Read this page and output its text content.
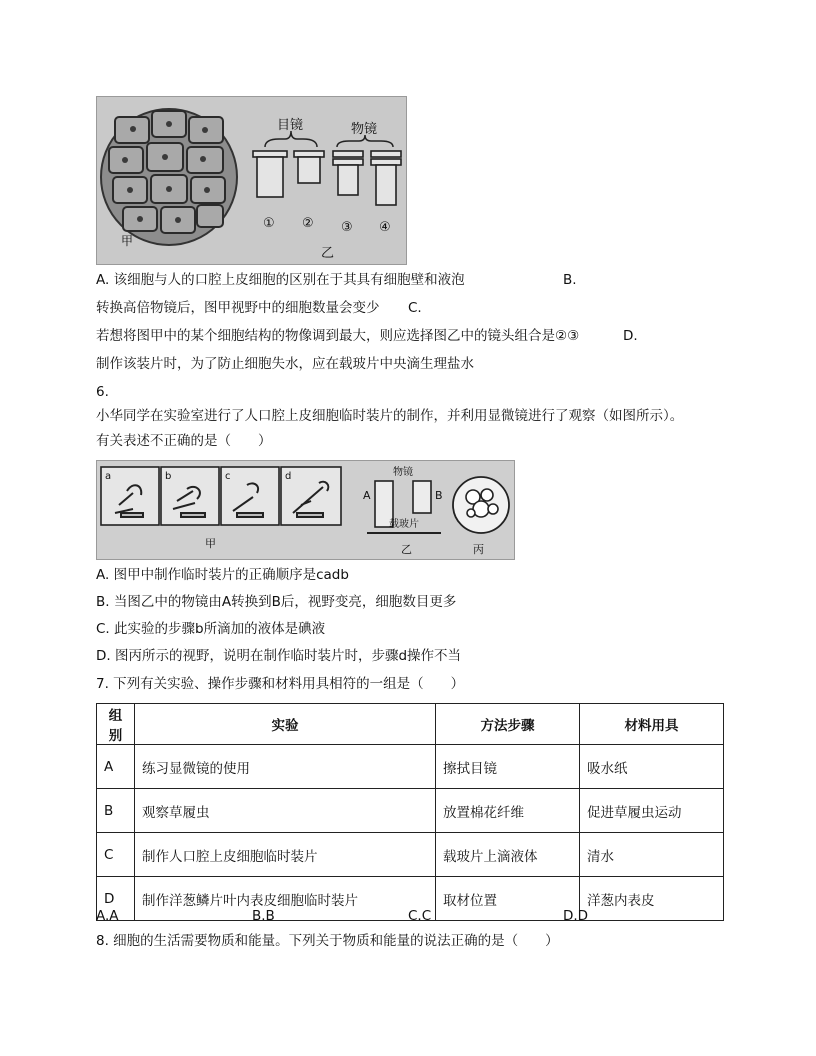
甲
目镜	物镜
① ② ③ ④
乙
A. 该细胞与人的口腔上皮细胞的区别在于其具有细胞壁和液泡	B.
转换高倍物镜后，图甲视野中的细胞数量会变少 C.
若想将图甲中的某个细胞结构的物像调到最大，则应选择图乙中的镜头组合是②③	D.
制作该装片时，为了防止细胞失水，应在载玻片中央滴生理盐水
6.
小华同学在实验室进行了人口腔上皮细胞临时装片的制作，并利用显微镜进行了观察（如图所示）。
有关表述不正确的是（　　）
a	b	c	d
甲
物镜
A	B
载玻片
乙	丙
A. 图甲中制作临时装片的正确顺序是cadb
B. 当图乙中的物镜由A转换到B后，视野变亮，细胞数目更多
C. 此实验的步骤b所滴加的液体是碘液
D. 图丙所示的视野，说明在制作临时装片时，步骤d操作不当
7. 下列有关实验、操作步骤和材料用具相符的一组是（　　）
组别	实验	方法步骤	材料用具
A	练习显微镜的使用	擦拭目镜	吸水纸
B	观察草履虫	放置棉花纤维	促进草履虫运动
C	制作人口腔上皮细胞临时装片	载玻片上滴液体	清水
D	制作洋葱鳞片叶内表皮细胞临时装片	取材位置	洋葱内表皮
A.A	B.B	C.C	D.D
8. 细胞的生活需要物质和能量。下列关于物质和能量的说法正确的是（　　）
